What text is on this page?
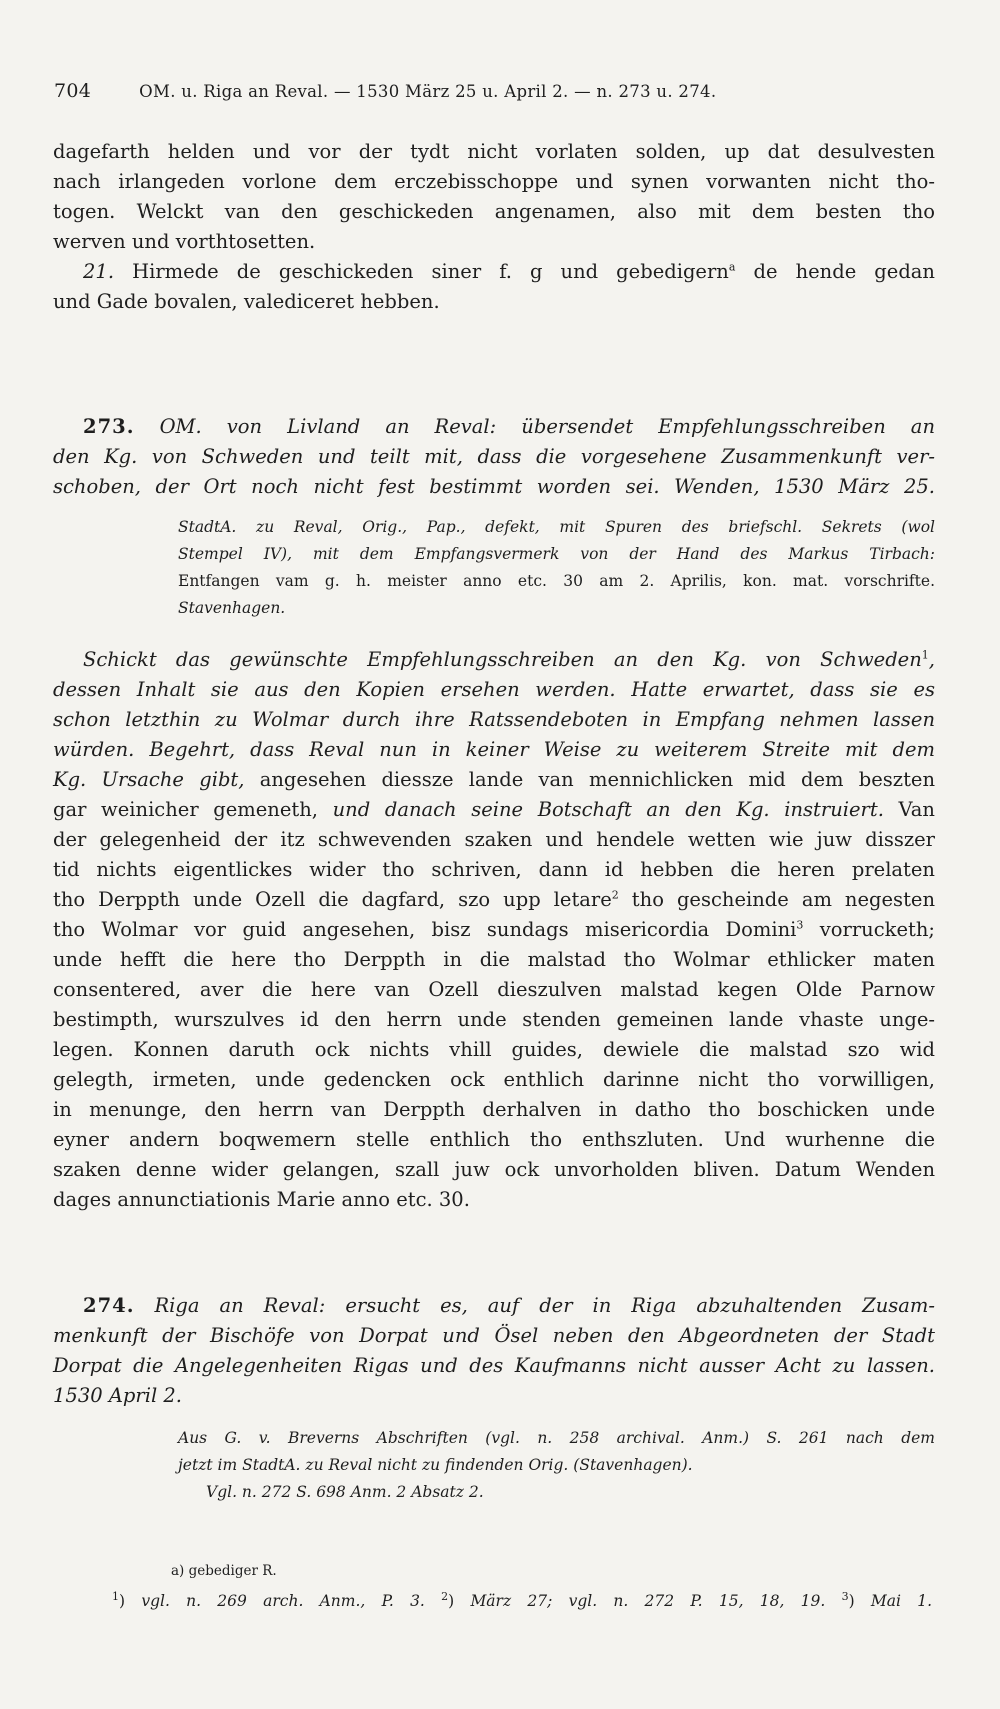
704	OM. u. Riga an Reval. — 1530 März 25 u. April 2. — n. 273 u. 274.
dagefarth helden und vor der tydt nicht vorlaten solden, up dat desulvesten
nach irlangeden vorlone dem erczebisschoppe und synen vorwanten nicht tho-
togen. Welckt van den geschickeden angenamen, also mit dem besten tho
werven und vorthtosetten.
21. Hirmede de geschickeden siner f. g und gebedigern$^a$ de hende gedan
und Gade bovalen, valediceret hebben.
273. OM. von Livland an Reval: übersendet Empfehlungsschreiben an
den Kg. von Schweden und teilt mit, dass die vorgesehene Zusammenkunft ver-
schoben, der Ort noch nicht fest bestimmt worden sei. Wenden, 1530 März 25.
StadtA. zu Reval, Orig., Pap., defekt, mit Spuren des briefschl. Sekrets (wol
Stempel IV), mit dem Empfangsvermerk von der Hand des Markus Tirbach:
Entfangen vam g. h. meister anno etc. 30 am 2. Aprilis, kon. mat. vorschrifte.
Stavenhagen.
Schickt das gewünschte Empfehlungsschreiben an den Kg. von Schweden$^1$,
dessen Inhalt sie aus den Kopien ersehen werden. Hatte erwartet, dass sie es
schon letzthin zu Wolmar durch ihre Ratssendeboten in Empfang nehmen lassen
würden. Begehrt, dass Reval nun in keiner Weise zu weiterem Streite mit dem
Kg. Ursache gibt, angesehen diessze lande van mennichlicken mid dem beszten
gar weinicher gemeneth, und danach seine Botschaft an den Kg. instruiert. Van
der gelegenheid der itz schwevenden szaken und hendele wetten wie juw disszer
tid nichts eigentlickes wider tho schriven, dann id hebben die heren prelaten
tho Derppth unde Ozell die dagfard, szo upp letare$^2$ tho gescheinde am negesten
tho Wolmar vor guid angesehen, bisz sundags misericordia Domini$^3$ vorrucketh;
unde hefft die here tho Derppth in die malstad tho Wolmar ethlicker maten
consentered, aver die here van Ozell dieszulven malstad kegen Olde Parnow
bestimpth, wurszulves id den herrn unde stenden gemeinen lande vhaste unge-
legen. Konnen daruth ock nichts vhill guides, dewiele die malstad szo wid
gelegth, irmeten, unde gedencken ock enthlich darinne nicht tho vorwilligen,
in menunge, den herrn van Derppth derhalven in datho tho boschicken unde
eyner andern boqwemern stelle enthlich tho enthszluten. Und wurhenne die
szaken denne wider gelangen, szall juw ock unvorholden bliven. Datum Wenden
dages annunctiationis Marie anno etc. 30.
274. Riga an Reval: ersucht es, auf der in Riga abzuhaltenden Zusam-
menkunft der Bischöfe von Dorpat und Ösel neben den Abgeordneten der Stadt
Dorpat die Angelegenheiten Rigas und des Kaufmanns nicht ausser Acht zu lassen.
1530 April 2.
Aus G. v. Breverns Abschriften (vgl. n. 258 archival. Anm.) S. 261 nach dem
jetzt im StadtA. zu Reval nicht zu findenden Orig. (Stavenhagen).
Vgl. n. 272 S. 698 Anm. 2 Absatz 2.
a) gebediger R.
$^1$) vgl. n. 269 arch. Anm., P. 3. $^2$) März 27; vgl. n. 272 P. 15, 18, 19. $^3$) Mai 1.
